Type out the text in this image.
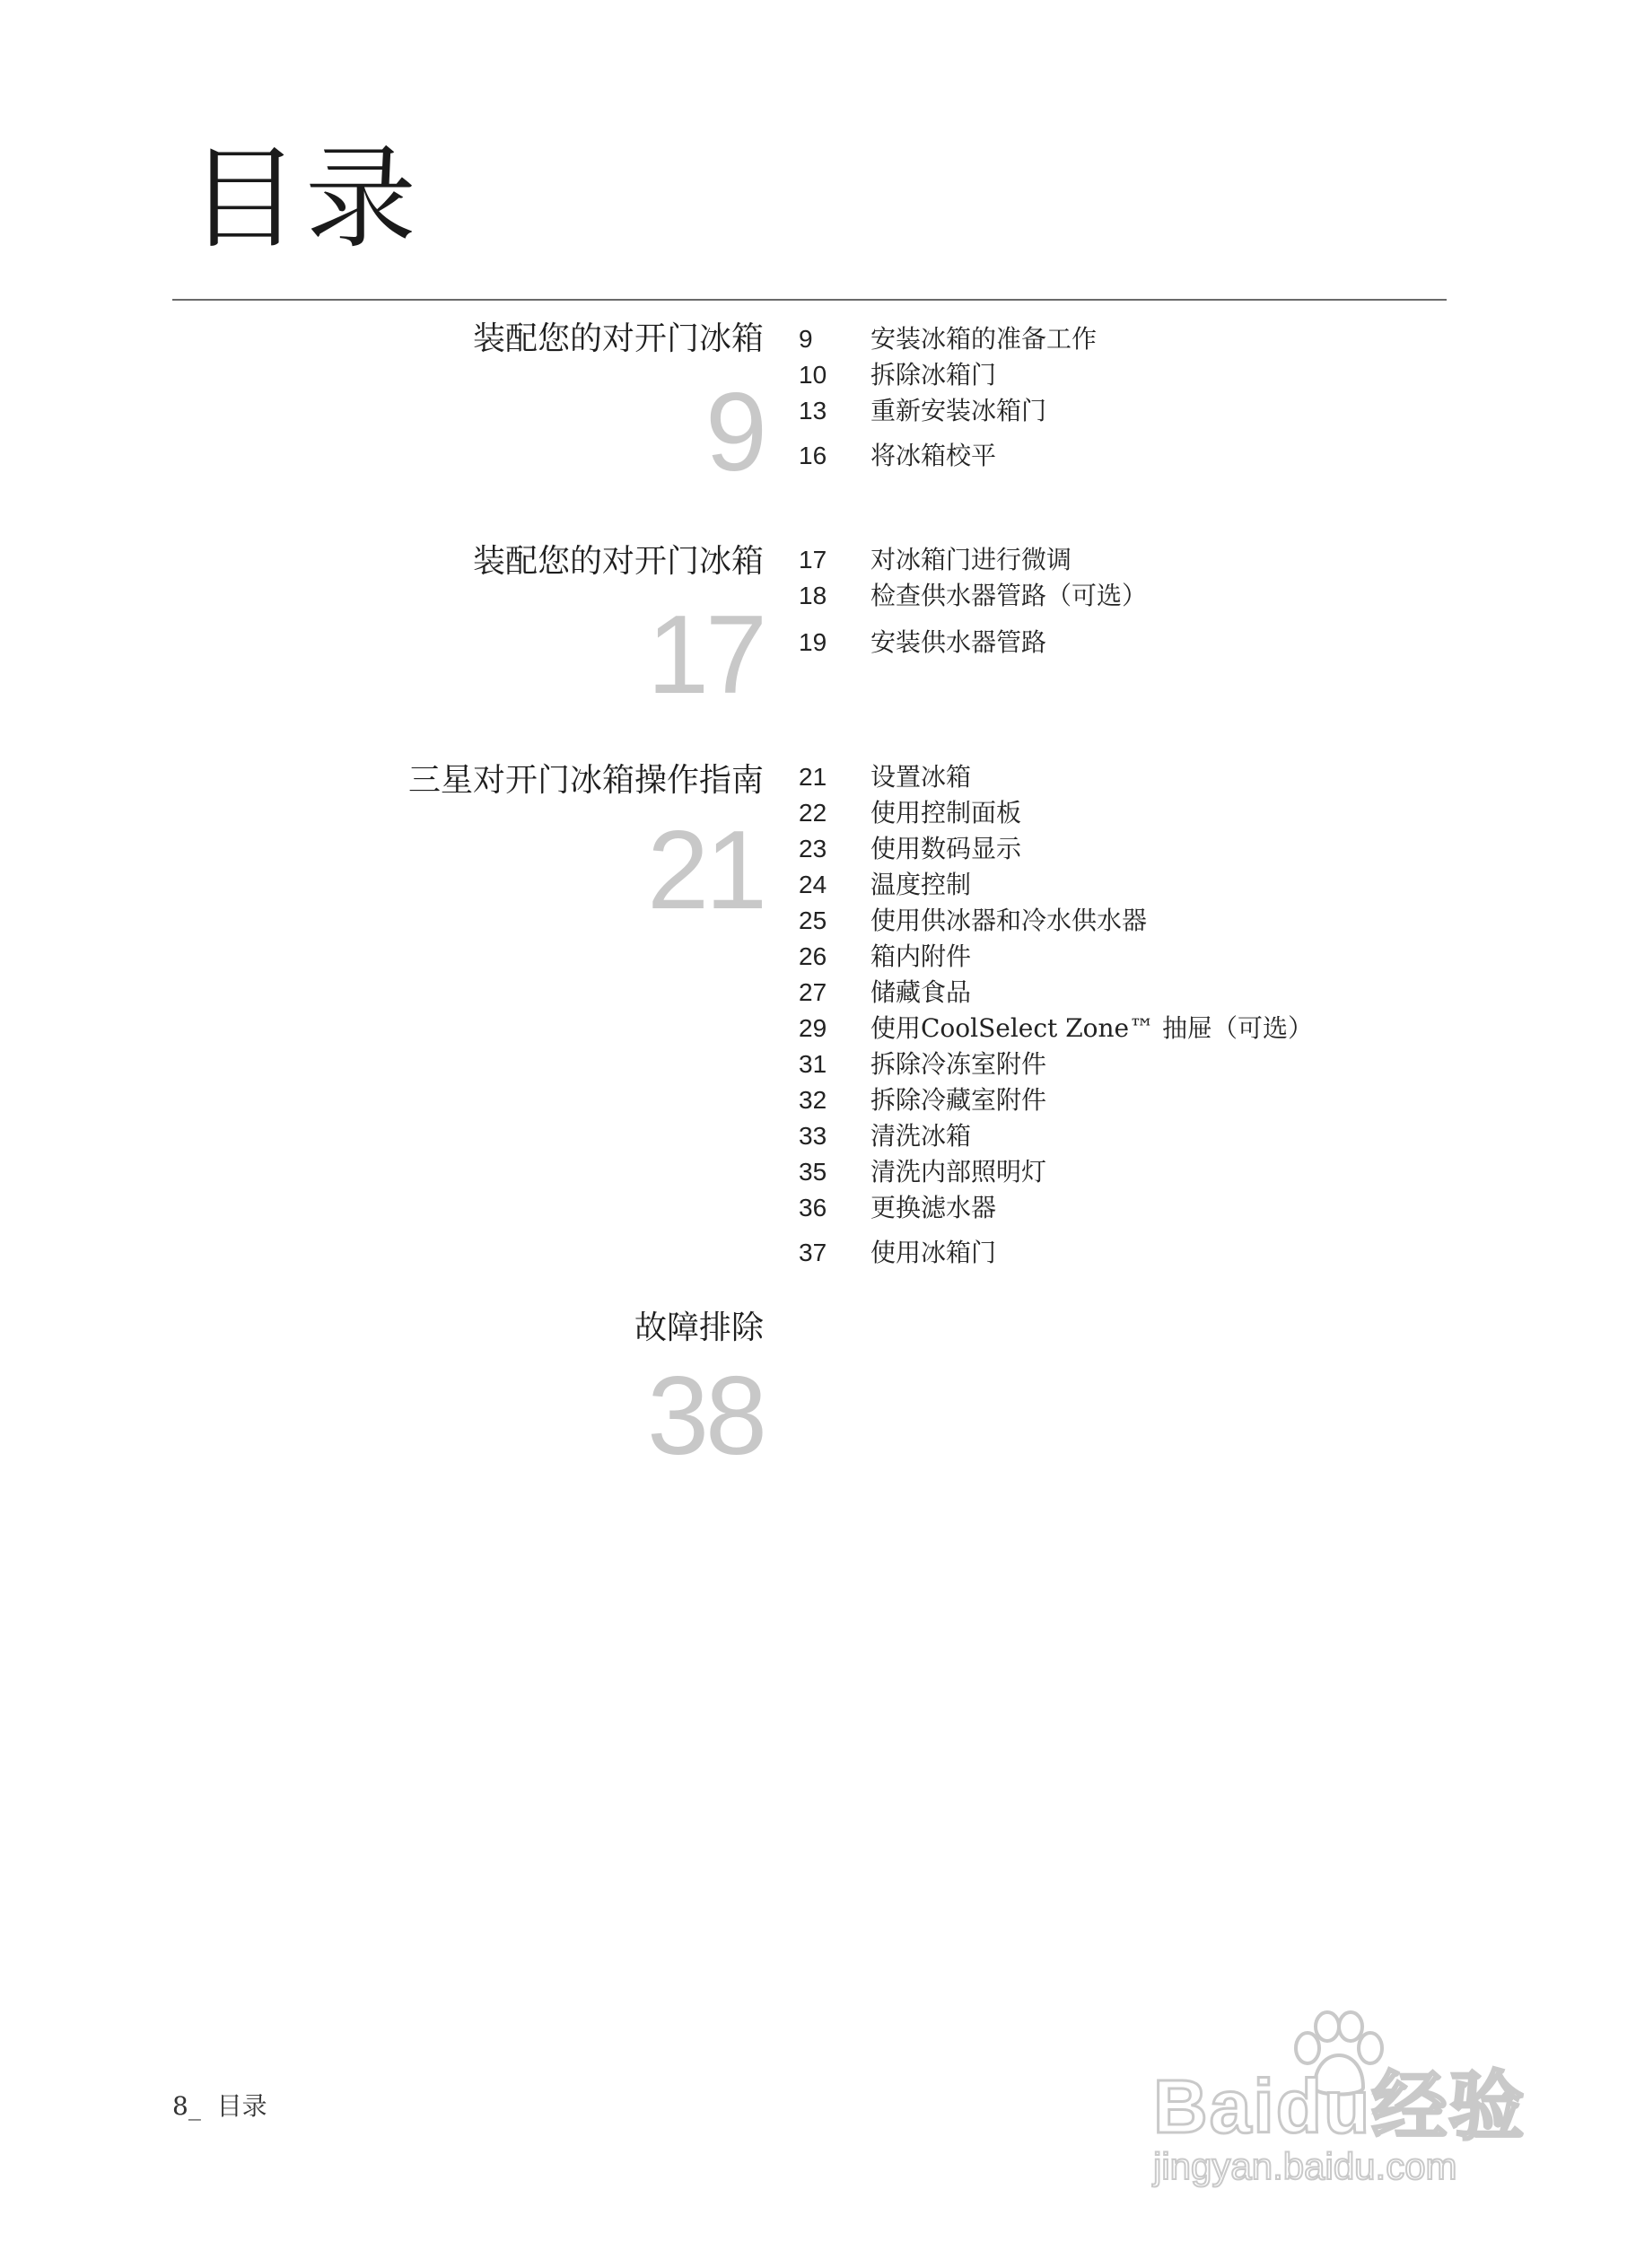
目录
装配您的对开门冰箱
9
9 安装冰箱的准备工作
10 拆除冰箱门
13 重新安装冰箱门
16 将冰箱校平
装配您的对开门冰箱
17
17 对冰箱门进行微调
18 检查供水器管路（可选）
19 安装供水器管路
三星对开门冰箱操作指南
21
21 设置冰箱
22 使用控制面板
23 使用数码显示
24 温度控制
25 使用供冰器和冷水供水器
26 箱内附件
27 储藏食品
29 使用CoolSelect Zone™ 抽屉（可选）
31 拆除冷冻室附件
32 拆除冷藏室附件
33 清洗冰箱
35 清洗内部照明灯
36 更换滤水器
37 使用冰箱门
故障排除
38
8_  目录	Baidu经验
jingyan.baidu.com
